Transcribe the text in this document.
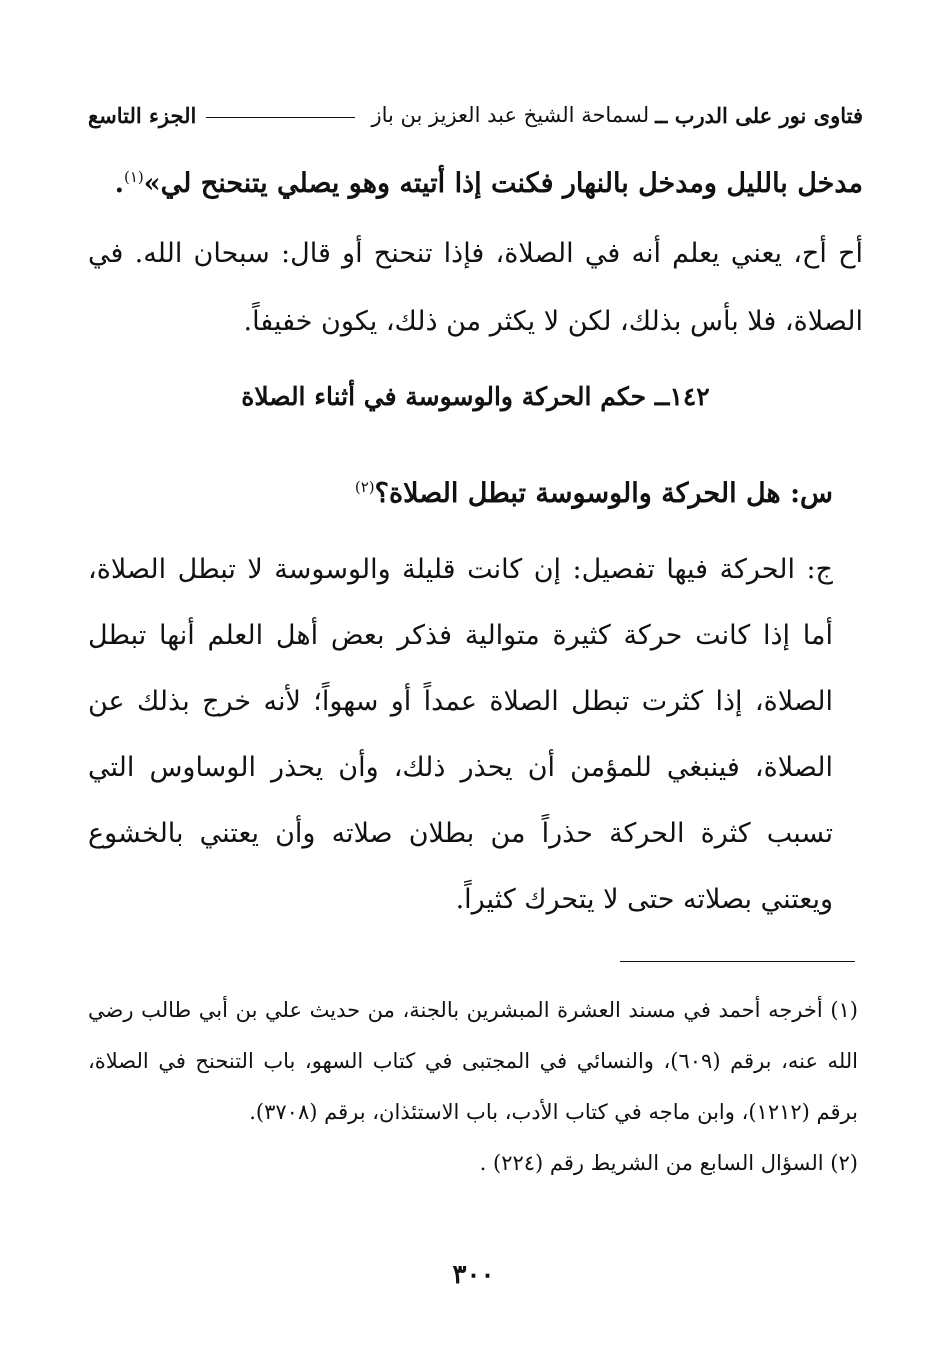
فتاوى نور على الدرب ــ
لسماحة الشيخ عبد العزيز بن باز
الجزء التاسع
مدخل بالليل ومدخل بالنهار فكنت إذا أتيته وهو يصلي يتنحنح لي»$^{(١)}$.
أح أح، يعني يعلم أنه في الصلاة، فإذا تنحنح أو قال: سبحان الله. في الصلاة، فلا بأس بذلك، لكن لا يكثر من ذلك، يكون خفيفاً.
١٤٢ــ حكم الحركة والوسوسة في أثناء الصلاة
س: هل الحركة والوسوسة تبطل الصلاة؟$^{(٢)}$
ج: الحركة فيها تفصيل: إن كانت قليلة والوسوسة لا تبطل الصلاة، أما إذا كانت حركة كثيرة متوالية فذكر بعض أهل العلم أنها تبطل الصلاة، إذا كثرت تبطل الصلاة عمداً أو سهواً؛ لأنه خرج بذلك عن الصلاة، فينبغي للمؤمن أن يحذر ذلك، وأن يحذر الوساوس التي تسبب كثرة الحركة حذراً من بطلان صلاته وأن يعتني بالخشوع ويعتني بصلاته حتى لا يتحرك كثيراً.
(١) أخرجه أحمد في مسند العشرة المبشرين بالجنة، من حديث علي بن أبي طالب رضي الله عنه، برقم (٦٠٩)، والنسائي في المجتبى في كتاب السهو، باب التنحنح في الصلاة، برقم (١٢١٢)، وابن ماجه في كتاب الأدب، باب الاستئذان، برقم (٣٧٠٨).
(٢) السؤال السابع من الشريط رقم (٢٢٤) .
٣٠٠
